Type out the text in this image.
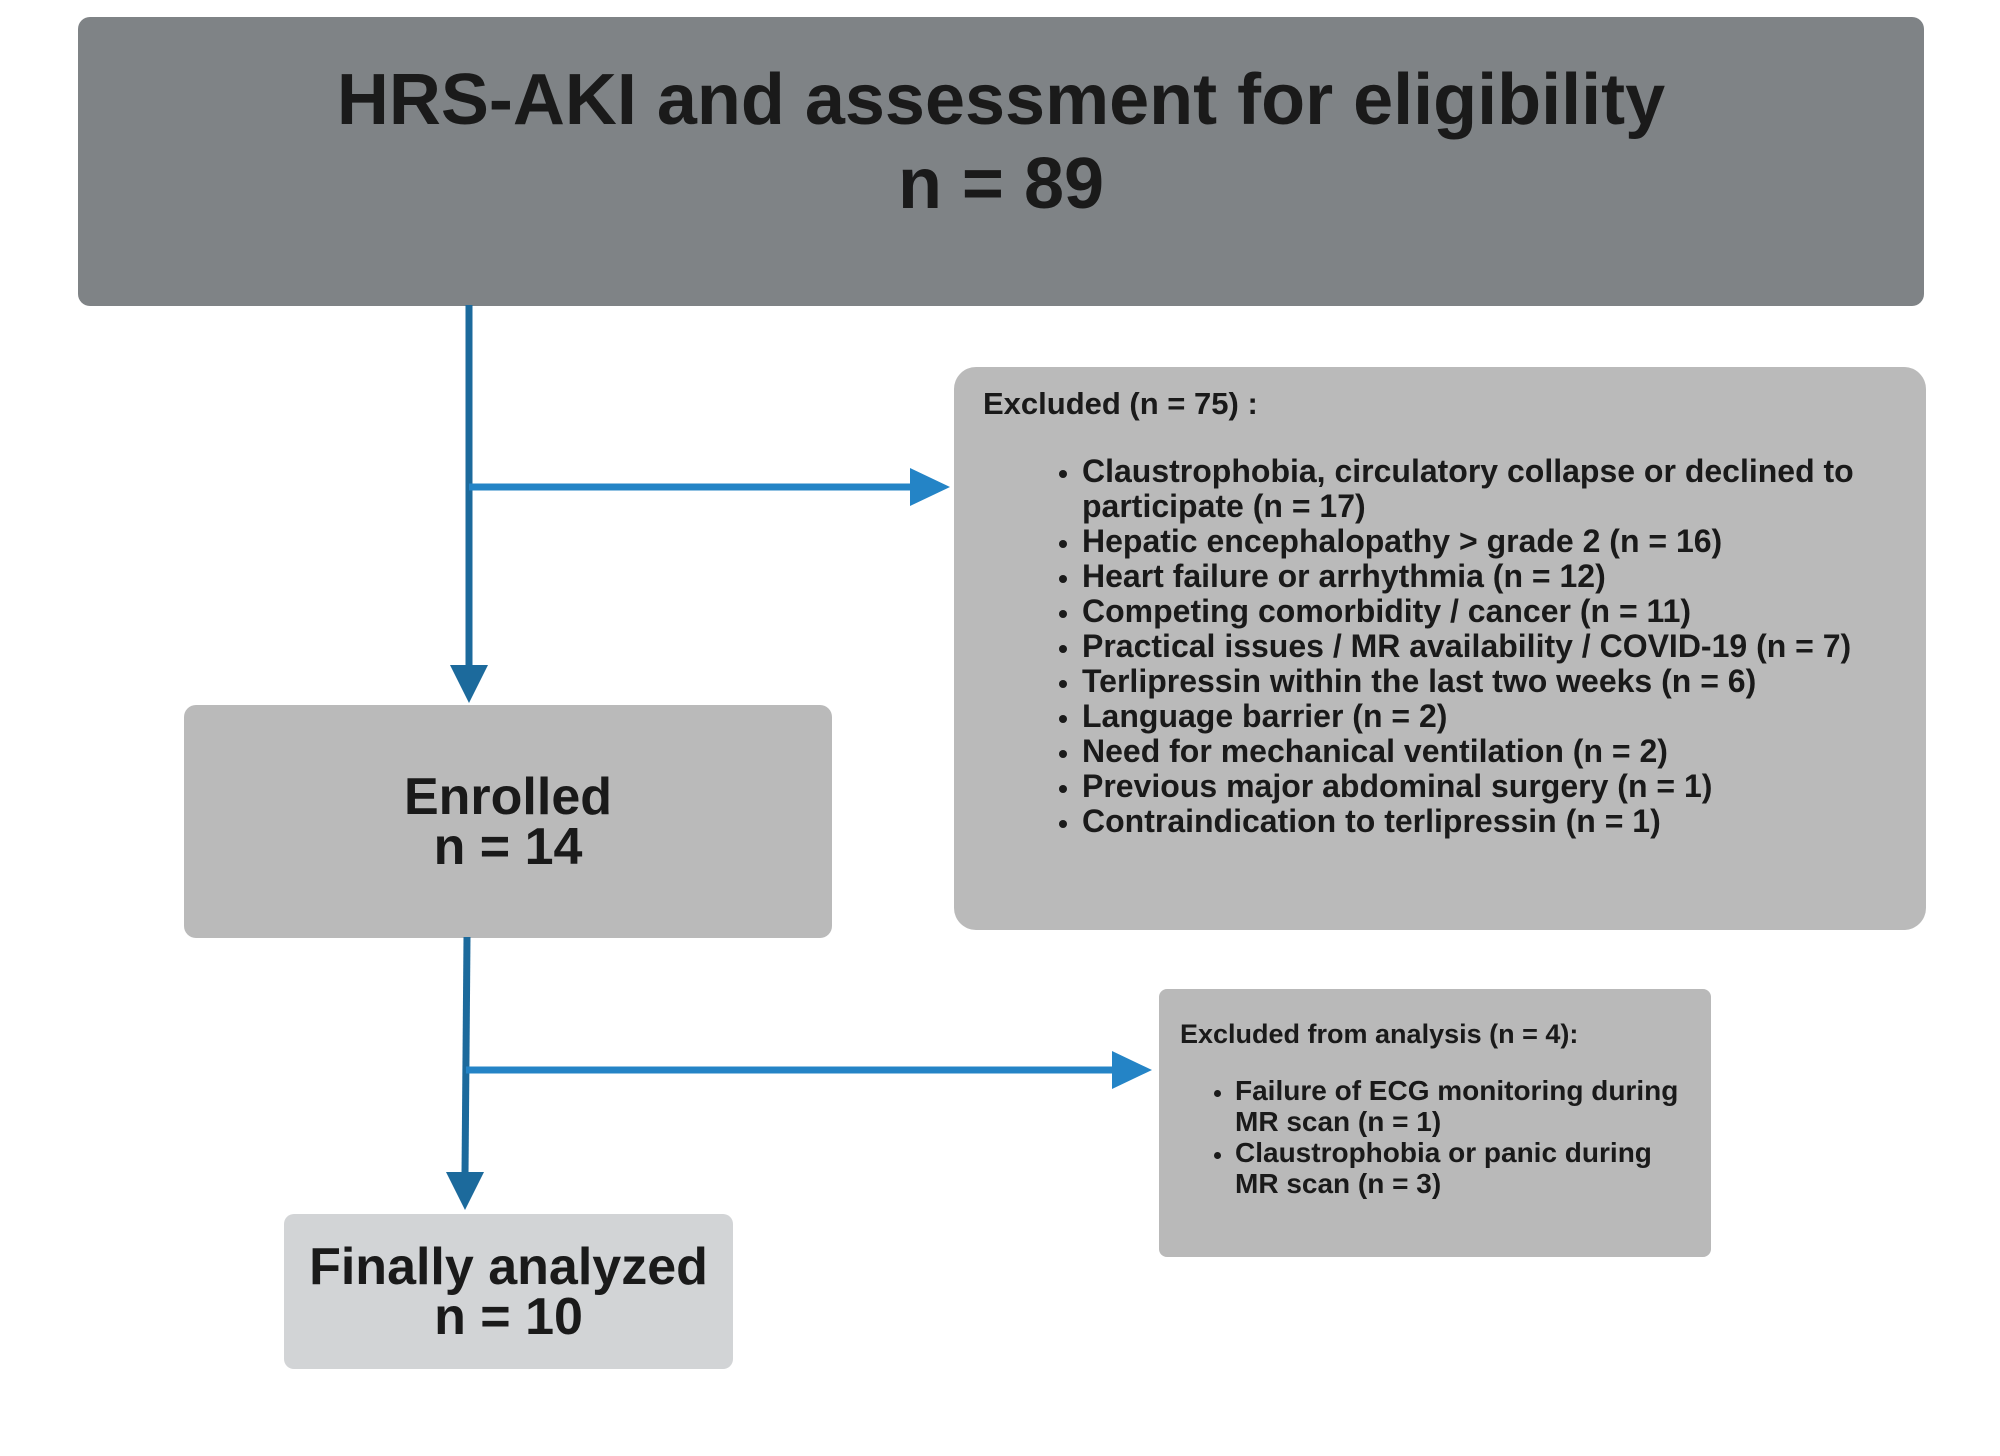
HRS-AKI and assessment for eligibility
n = 89
Excluded (n = 75) :
• Claustrophobia, circulatory collapse or declined to participate (n = 17)
• Hepatic encephalopathy > grade 2 (n = 16)
• Heart failure or arrhythmia (n = 12)
• Competing comorbidity / cancer (n = 11)
• Practical issues / MR availability / COVID-19 (n = 7)
• Terlipressin within the last two weeks (n = 6)
• Language barrier (n = 2)
• Need for mechanical ventilation (n = 2)
• Previous major abdominal surgery (n = 1)
• Contraindication to terlipressin (n = 1)
Enrolled
n = 14
Excluded from analysis (n = 4):
• Failure of ECG monitoring during MR scan (n = 1)
• Claustrophobia or panic during MR scan (n = 3)
Finally analyzed
n = 10
